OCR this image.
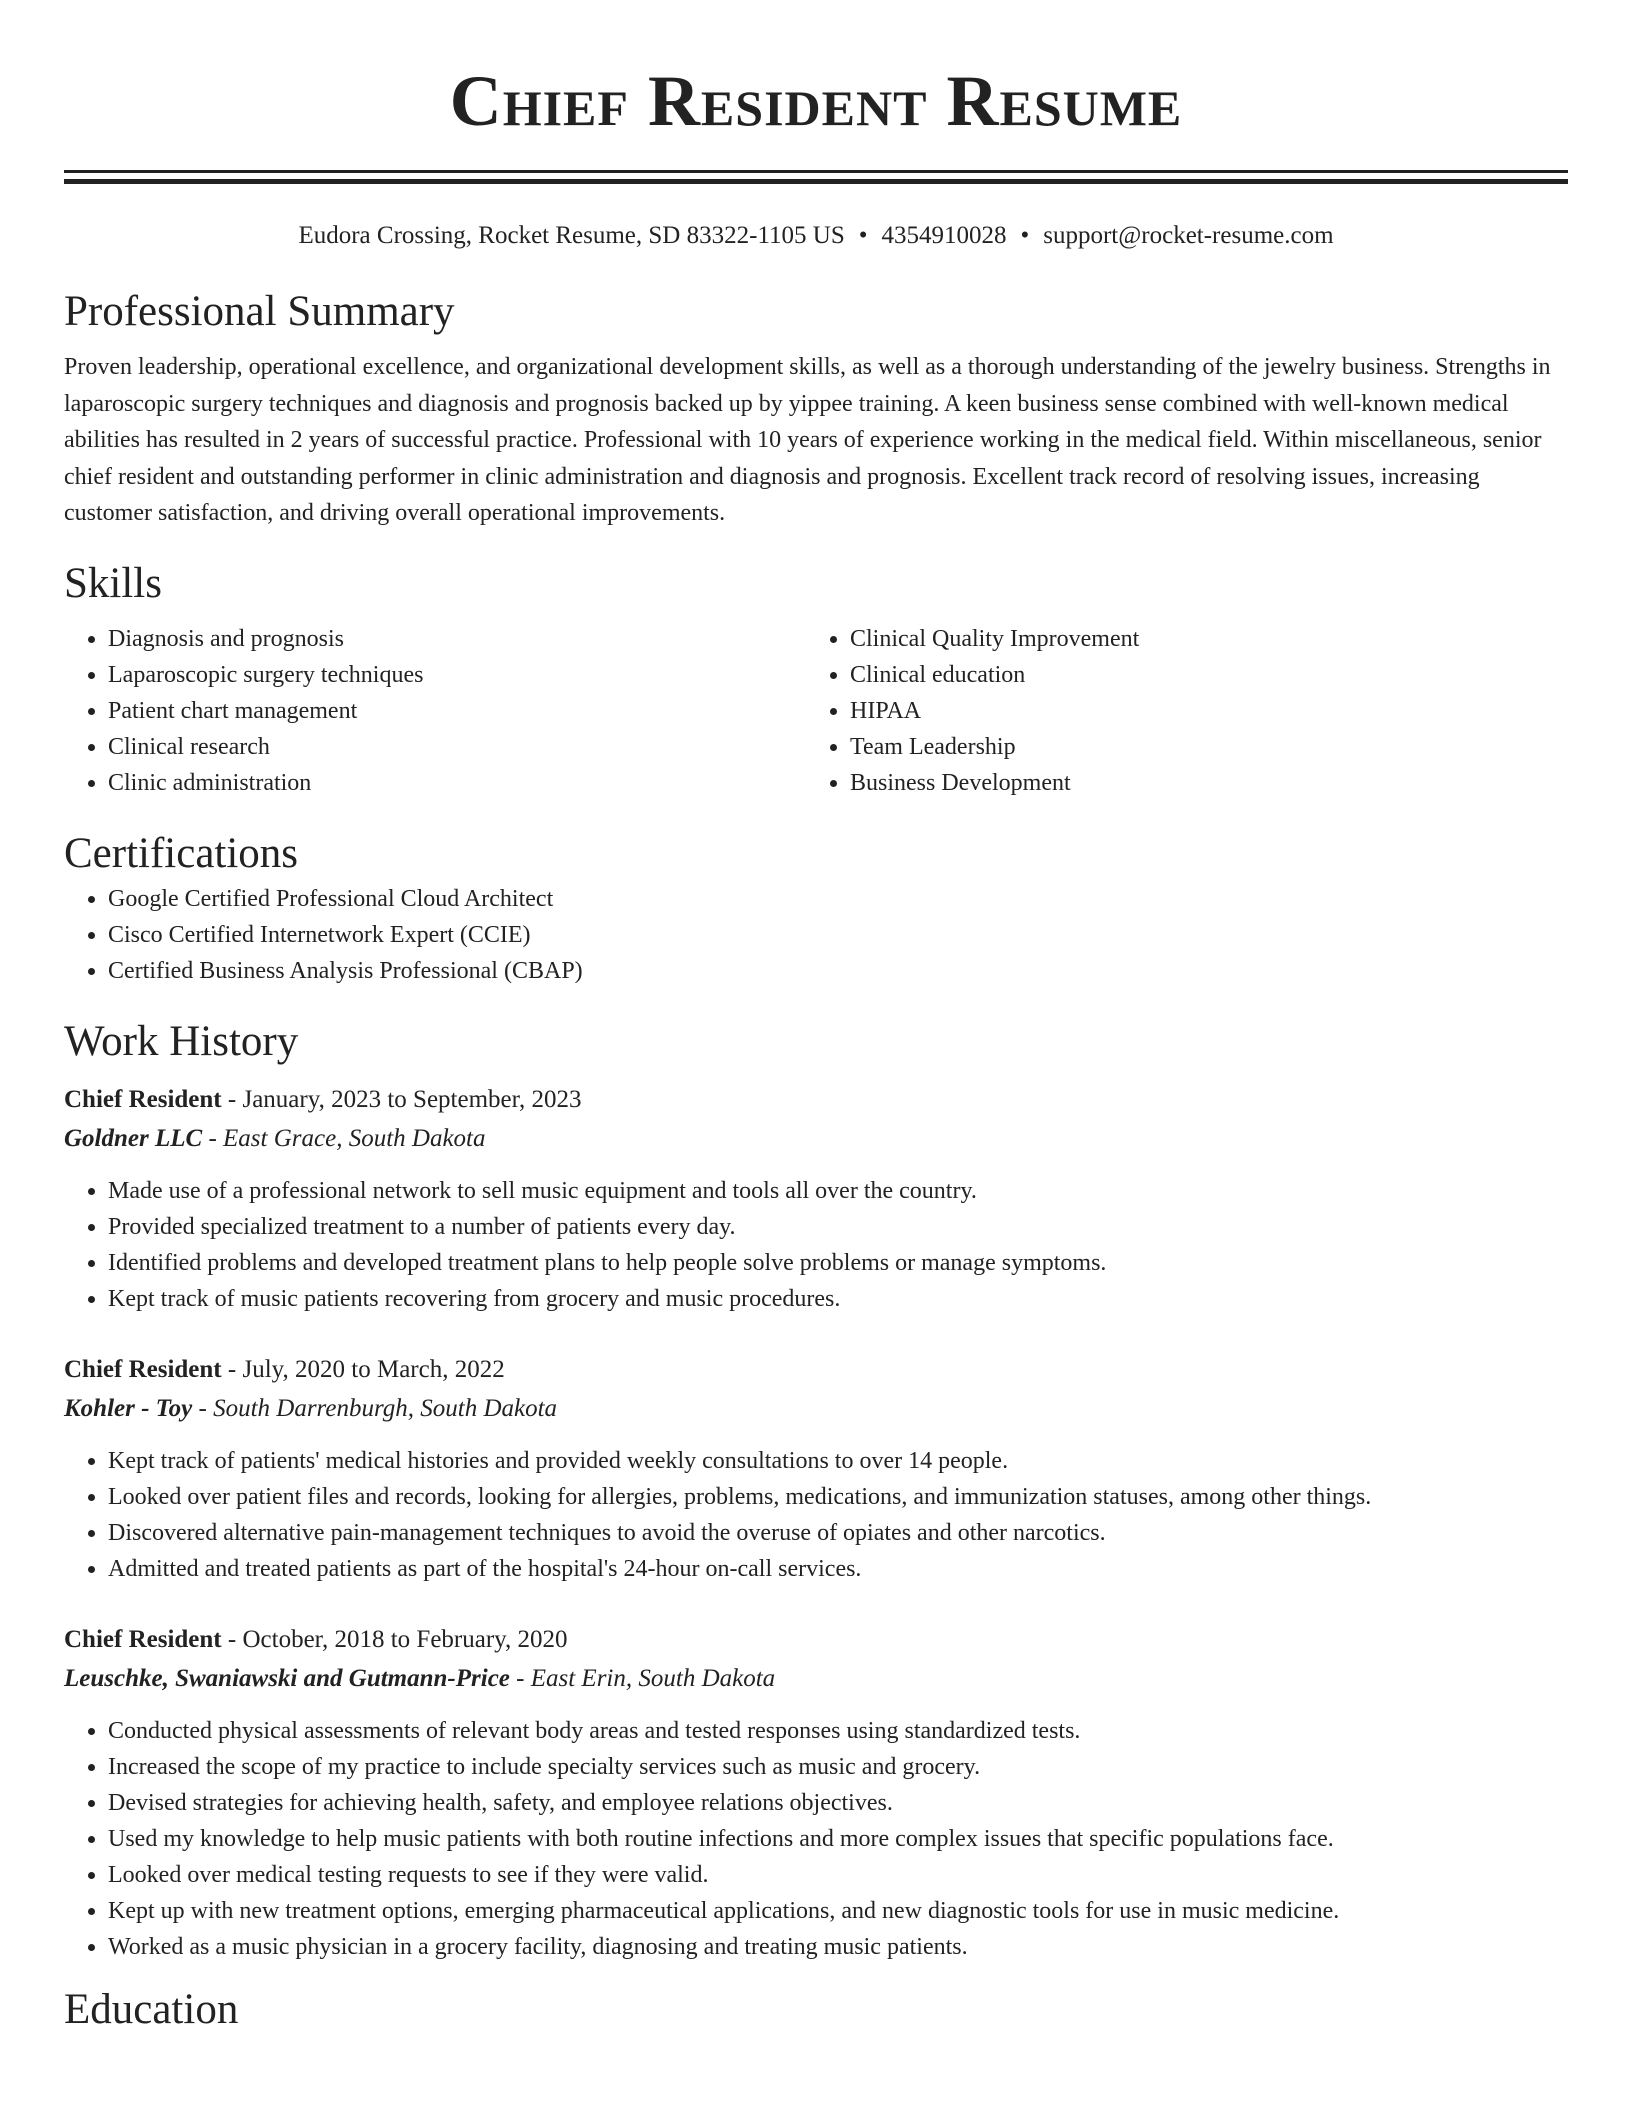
Chief Resident Resume
Eudora Crossing, Rocket Resume, SD 83322-1105 US • 4354910028 • support@rocket-resume.com
Professional Summary

Proven leadership, operational excellence, and organizational development skills, as well as a thorough understanding of the jewelry business. Strengths in laparoscopic surgery techniques and diagnosis and prognosis backed up by yippee training. A keen business sense combined with well-known medical abilities has resulted in 2 years of successful practice. Professional with 10 years of experience working in the medical field. Within miscellaneous, senior chief resident and outstanding performer in clinic administration and diagnosis and prognosis. Excellent track record of resolving issues, increasing customer satisfaction, and driving overall operational improvements.

Skills
• Diagnosis and prognosis
• Laparoscopic surgery techniques
• Patient chart management
• Clinical research
• Clinic administration
• Clinical Quality Improvement
• Clinical education
• HIPAA
• Team Leadership
• Business Development
Certifications
• Google Certified Professional Cloud Architect
• Cisco Certified Internetwork Expert (CCIE)
• Certified Business Analysis Professional (CBAP)
Work History
Chief Resident - January, 2023 to September, 2023
Goldner LLC - East Grace, South Dakota
• Made use of a professional network to sell music equipment and tools all over the country.
• Provided specialized treatment to a number of patients every day.
• Identified problems and developed treatment plans to help people solve problems or manage symptoms.
• Kept track of music patients recovering from grocery and music procedures.
Chief Resident - July, 2020 to March, 2022
Kohler - Toy - South Darrenburgh, South Dakota
• Kept track of patients' medical histories and provided weekly consultations to over 14 people.
• Looked over patient files and records, looking for allergies, problems, medications, and immunization statuses, among other things.
• Discovered alternative pain-management techniques to avoid the overuse of opiates and other narcotics.
• Admitted and treated patients as part of the hospital's 24-hour on-call services.
Chief Resident - October, 2018 to February, 2020
Leuschke, Swaniawski and Gutmann-Price - East Erin, South Dakota
• Conducted physical assessments of relevant body areas and tested responses using standardized tests.
• Increased the scope of my practice to include specialty services such as music and grocery.
• Devised strategies for achieving health, safety, and employee relations objectives.
• Used my knowledge to help music patients with both routine infections and more complex issues that specific populations face.
• Looked over medical testing requests to see if they were valid.
• Kept up with new treatment options, emerging pharmaceutical applications, and new diagnostic tools for use in music medicine.
• Worked as a music physician in a grocery facility, diagnosing and treating music patients.
Education
